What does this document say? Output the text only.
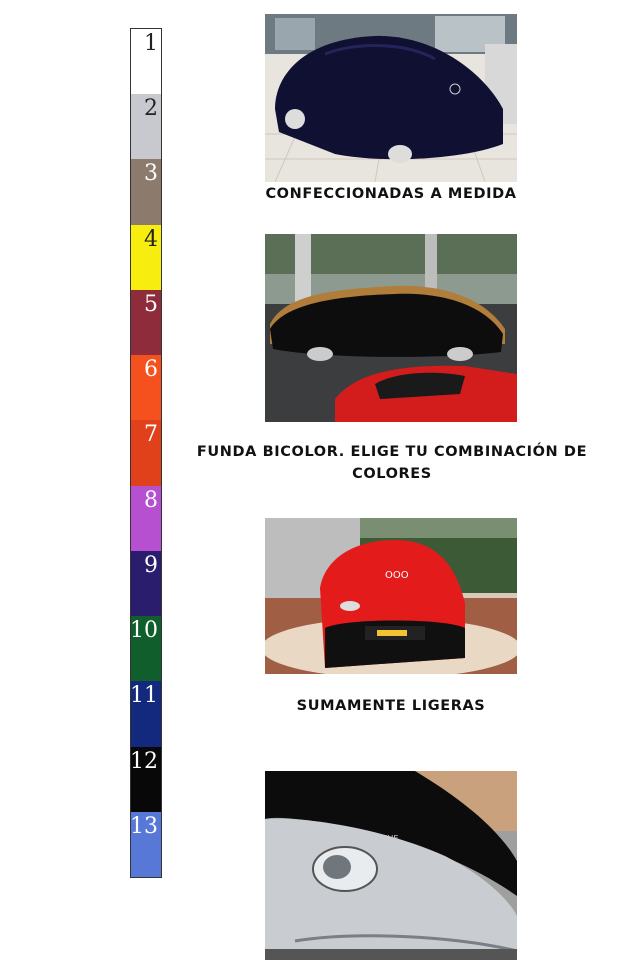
1
2
3
4
5
6
7
8
9
10
11
12
13
CONFECCIONADAS A MEDIDA
FUNDA BICOLOR. ELIGE TU COMBINACIÓN DE COLORES
OOO
SUMAMENTE LIGERAS
